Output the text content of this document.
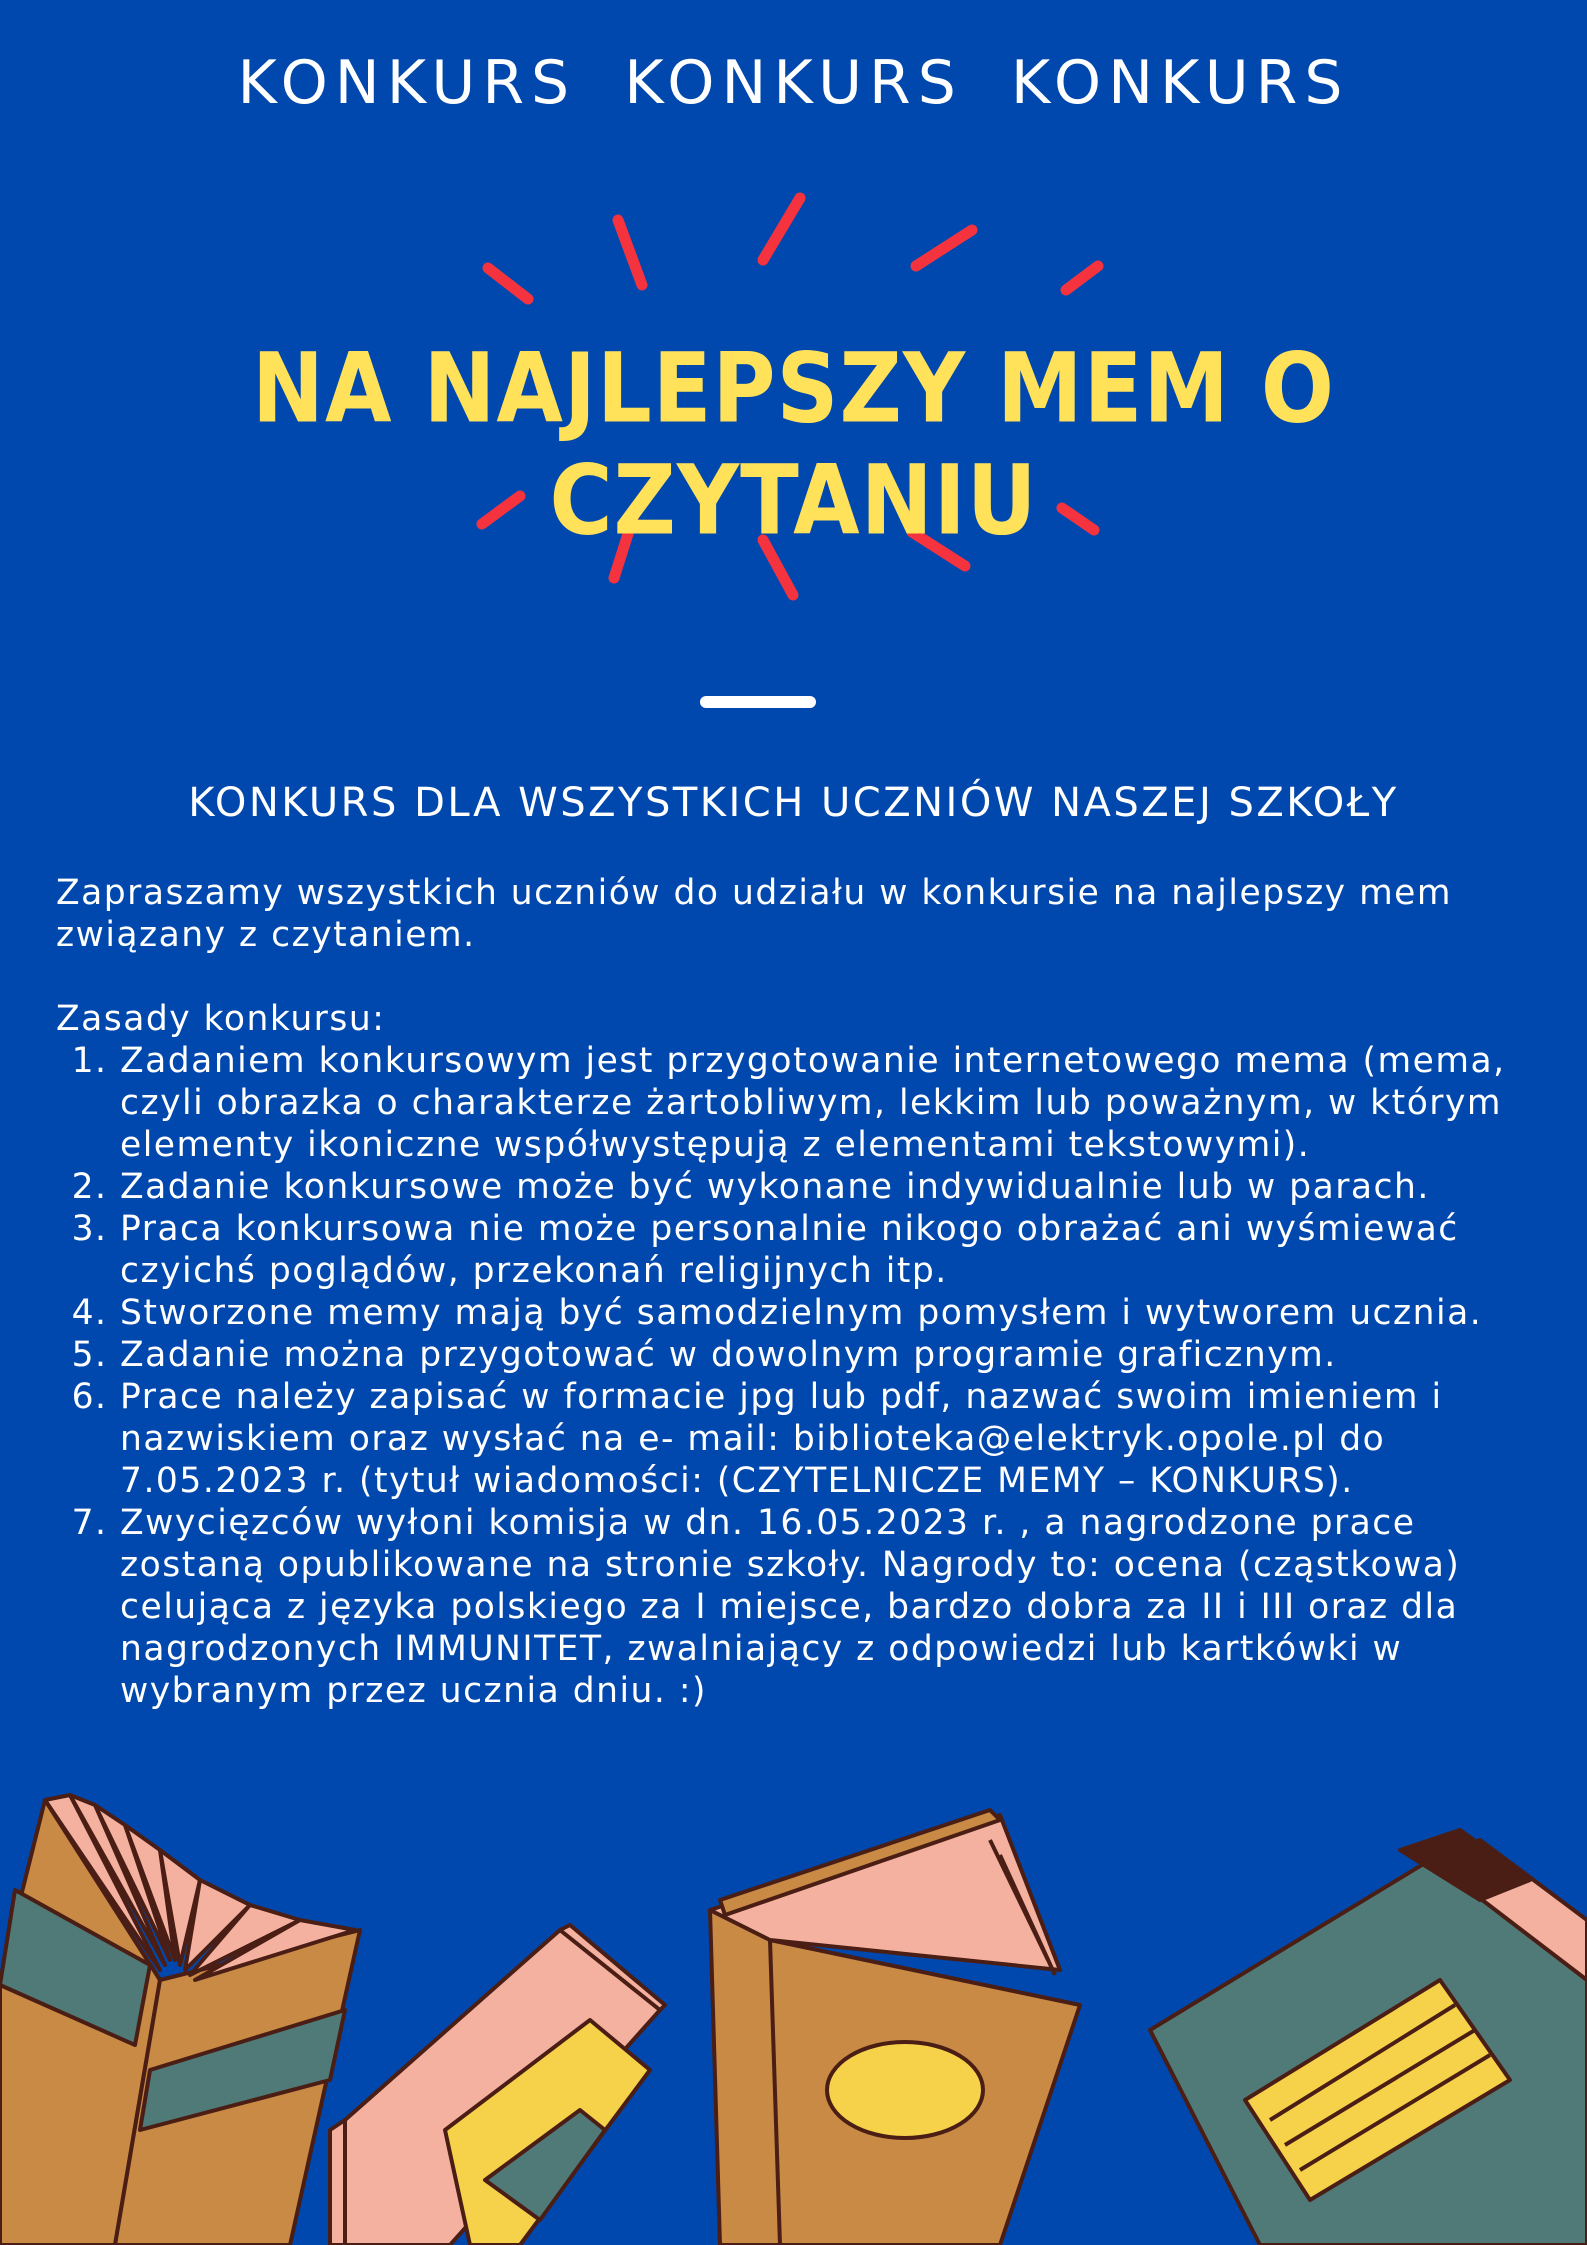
KONKURS KONKURS KONKURS
NA NAJLEPSZY MEM O CZYTANIU
KONKURS DLA WSZYSTKICH UCZNIÓW NASZEJ SZKOŁY

Zapraszamy wszystkich uczniów do udziału w konkursie na najlepszy mem związany z czytaniem.

Zasady konkursu:

1. Zadaniem konkursowym jest przygotowanie internetowego mema (mema, czyli obrazka o charakterze żartobliwym, lekkim lub poważnym, w którym elementy ikoniczne współwystępują z elementami tekstowymi).
2. Zadanie konkursowe może być wykonane indywidualnie lub w parach.
3. Praca konkursowa nie może personalnie nikogo obrażać ani wyśmiewać czyichś poglądów, przekonań religijnych itp.
4. Stworzone memy mają być samodzielnym pomysłem i wytworem ucznia.
5. Zadanie można przygotować w dowolnym programie graficznym.
6. Prace należy zapisać w formacie jpg lub pdf, nazwać swoim imieniem i nazwiskiem oraz wysłać na e- mail: biblioteka@elektryk.opole.pl do 7.05.2023 r. (tytuł wiadomości: (CZYTELNICZE MEMY – KONKURS).
7. Zwycięzców wyłoni komisja w dn. 16.05.2023 r. , a nagrodzone prace zostaną opublikowane na stronie szkoły. Nagrody to: ocena (cząstkowa) celująca z języka polskiego za I miejsce, bardzo dobra za II i III oraz dla nagrodzonych IMMUNITET, zwalniający z odpowiedzi lub kartkówki w wybranym przez ucznia dniu. :)
